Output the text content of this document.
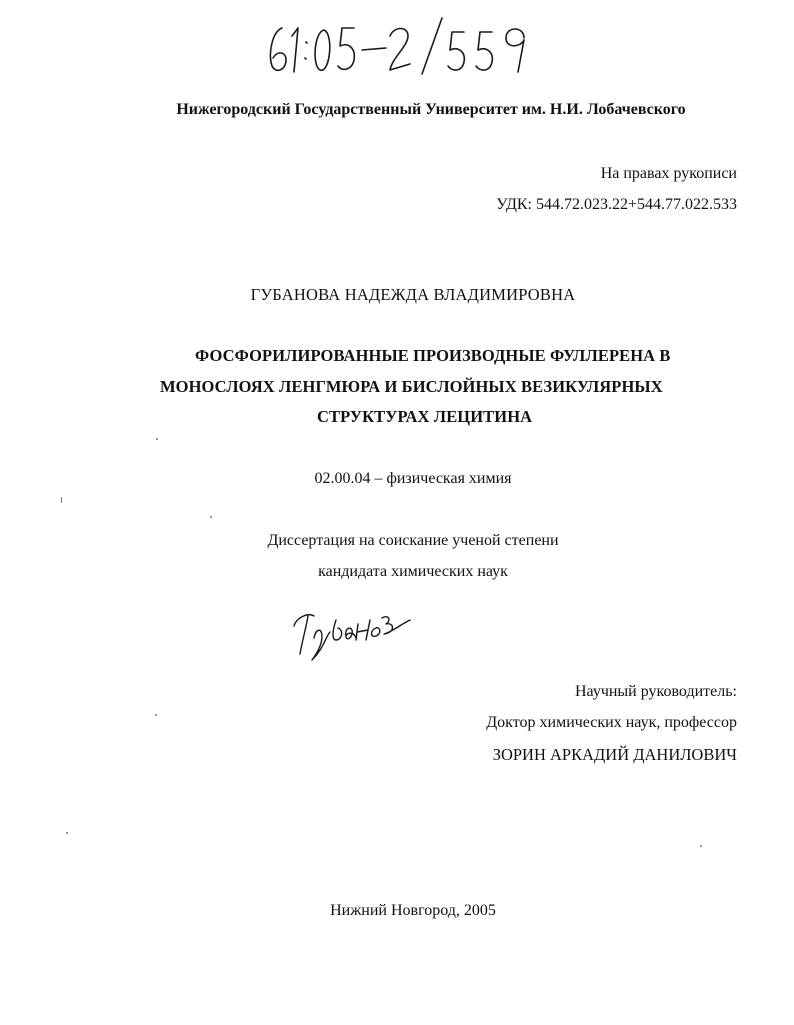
Нижегородский Государственный Университет им. Н.И. Лобачевского
На правах рукописи
УДК: 544.72.023.22+544.77.022.533
ГУБАНОВА НАДЕЖДА ВЛАДИМИРОВНА
ФОСФОРИЛИРОВАННЫЕ ПРОИЗВОДНЫЕ ФУЛЛЕРЕНА В
МОНОСЛОЯХ ЛЕНГМЮРА И БИСЛОЙНЫХ ВЕЗИКУЛЯРНЫХ
СТРУКТУРАХ ЛЕЦИТИНА
02.00.04 – физическая химия
Диссертация на соискание ученой степени
кандидата химических наук
Научный руководитель:
Доктор химических наук, профессор
ЗОРИН АРКАДИЙ ДАНИЛОВИЧ
Нижний Новгород, 2005
